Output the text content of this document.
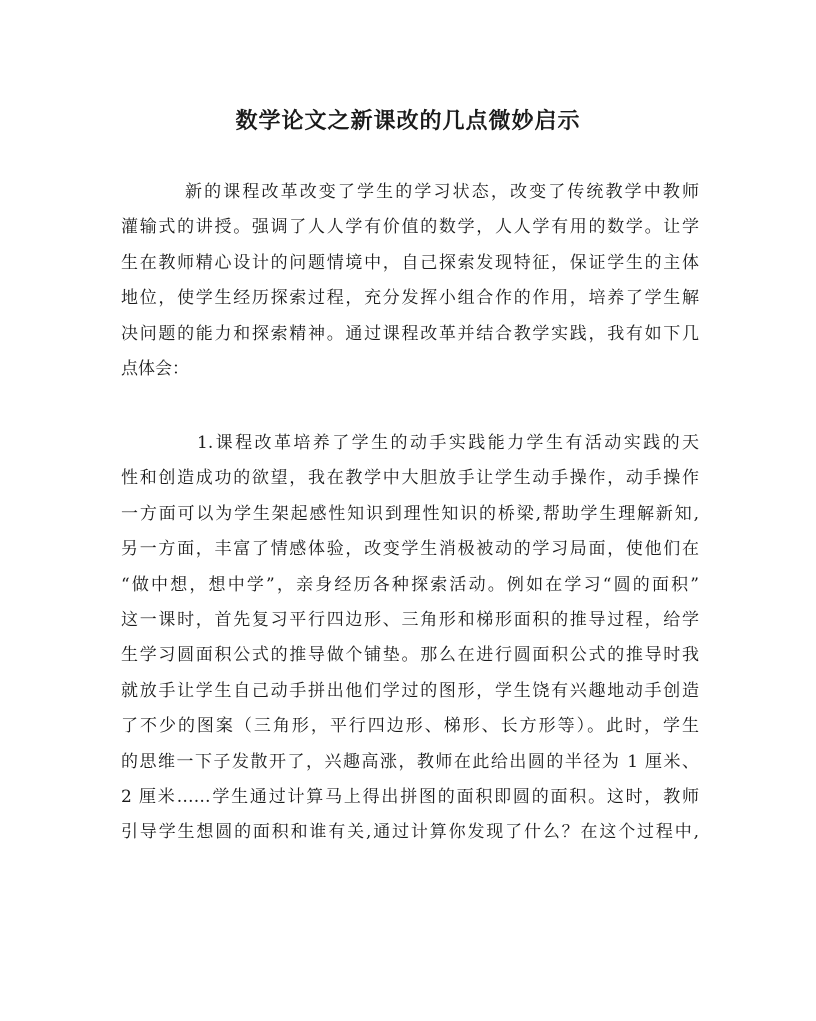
数学论文之新课改的几点微妙启示

新的课程改革改变了学生的学习状态，改变了传统教学中教师
灌输式的讲授。强调了人人学有价值的数学，人人学有用的数学。让学
生在教师精心设计的问题情境中，自己探索发现特征，保证学生的主体
地位，使学生经历探索过程，充分发挥小组合作的作用，培养了学生解
决问题的能力和探索精神。通过课程改革并结合教学实践，我有如下几
点体会：

1.课程改革培养了学生的动手实践能力学生有活动实践的天
性和创造成功的欲望，我在教学中大胆放手让学生动手操作，动手操作
一方面可以为学生架起感性知识到理性知识的桥梁,帮助学生理解新知,
另一方面，丰富了情感体验，改变学生消极被动的学习局面，使他们在
“做中想，想中学”，亲身经历各种探索活动。例如在学习“圆的面积”
这一课时，首先复习平行四边形、三角形和梯形面积的推导过程，给学
生学习圆面积公式的推导做个铺垫。那么在进行圆面积公式的推导时我
就放手让学生自己动手拼出他们学过的图形，学生饶有兴趣地动手创造
了不少的图案（三角形，平行四边形、梯形、长方形等）。此时，学生
的思维一下子发散开了，兴趣高涨，教师在此给出圆的半径为 1 厘米、
2 厘米……学生通过计算马上得出拼图的面积即圆的面积。这时，教师
引导学生想圆的面积和谁有关,通过计算你发现了什么？在这个过程中,
